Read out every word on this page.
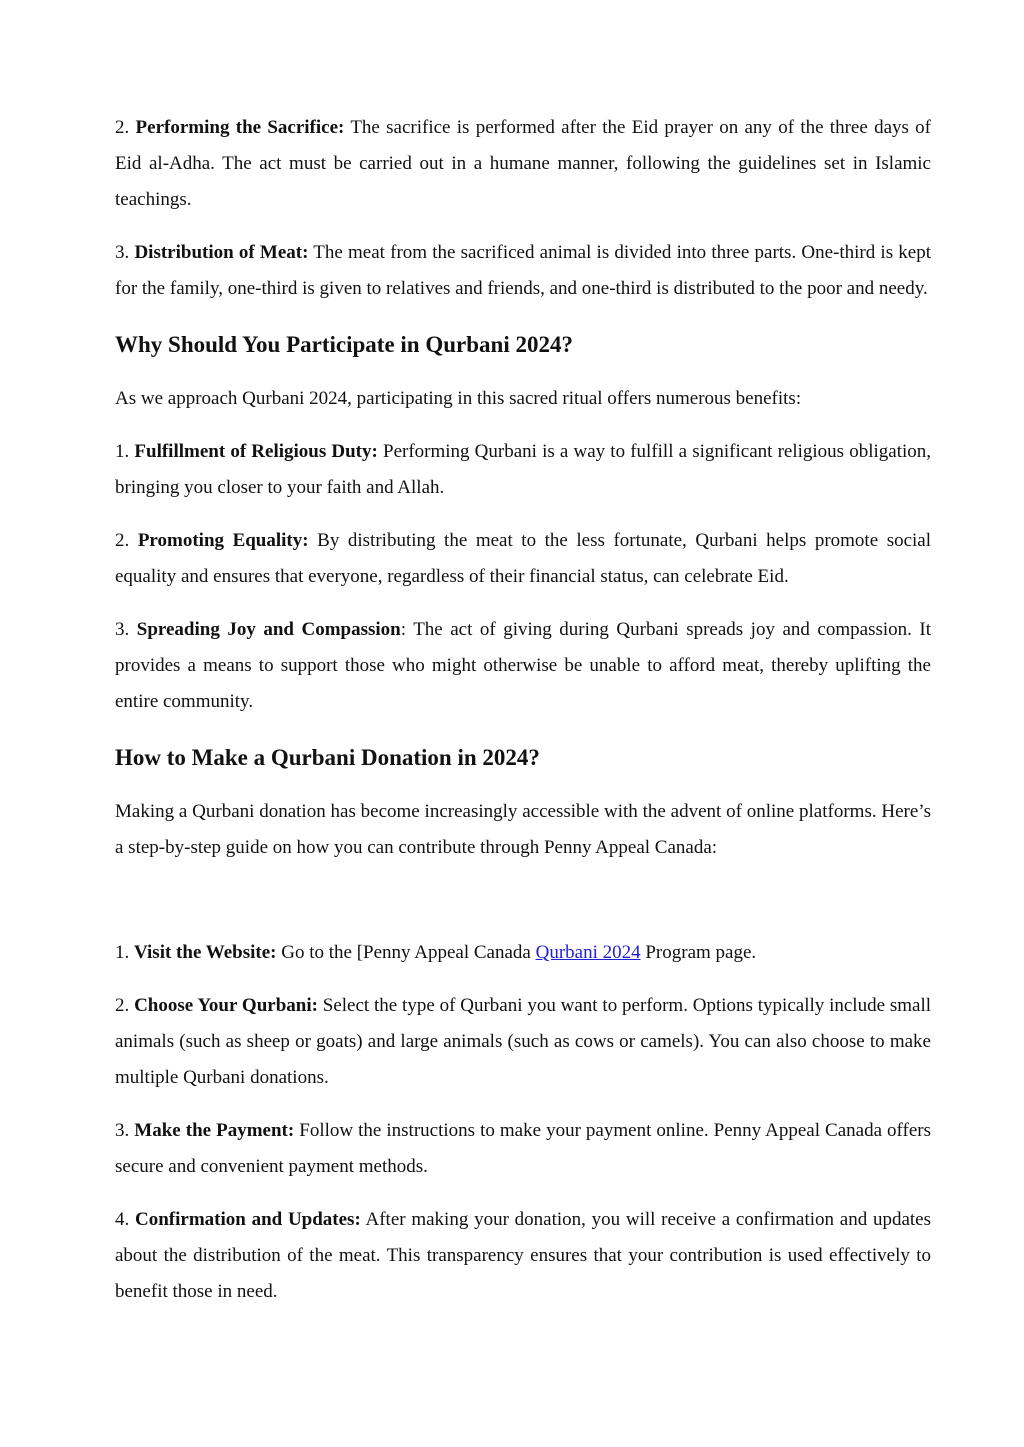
2. Performing the Sacrifice: The sacrifice is performed after the Eid prayer on any of the three days of Eid al-Adha. The act must be carried out in a humane manner, following the guidelines set in Islamic teachings.

3. Distribution of Meat: The meat from the sacrificed animal is divided into three parts. One-third is kept for the family, one-third is given to relatives and friends, and one-third is distributed to the poor and needy.

Why Should You Participate in Qurbani 2024?

As we approach Qurbani 2024, participating in this sacred ritual offers numerous benefits:

1. Fulfillment of Religious Duty: Performing Qurbani is a way to fulfill a significant religious obligation, bringing you closer to your faith and Allah.

2. Promoting Equality: By distributing the meat to the less fortunate, Qurbani helps promote social equality and ensures that everyone, regardless of their financial status, can celebrate Eid.

3. Spreading Joy and Compassion: The act of giving during Qurbani spreads joy and compassion. It provides a means to support those who might otherwise be unable to afford meat, thereby uplifting the entire community.

How to Make a Qurbani Donation in 2024?

Making a Qurbani donation has become increasingly accessible with the advent of online platforms. Here’s a step-by-step guide on how you can contribute through Penny Appeal Canada:

1. Visit the Website: Go to the [Penny Appeal Canada Qurbani 2024 Program page.

2. Choose Your Qurbani: Select the type of Qurbani you want to perform. Options typically include small animals (such as sheep or goats) and large animals (such as cows or camels). You can also choose to make multiple Qurbani donations.

3. Make the Payment: Follow the instructions to make your payment online. Penny Appeal Canada offers secure and convenient payment methods.

4. Confirmation and Updates: After making your donation, you will receive a confirmation and updates about the distribution of the meat. This transparency ensures that your contribution is used effectively to benefit those in need.
